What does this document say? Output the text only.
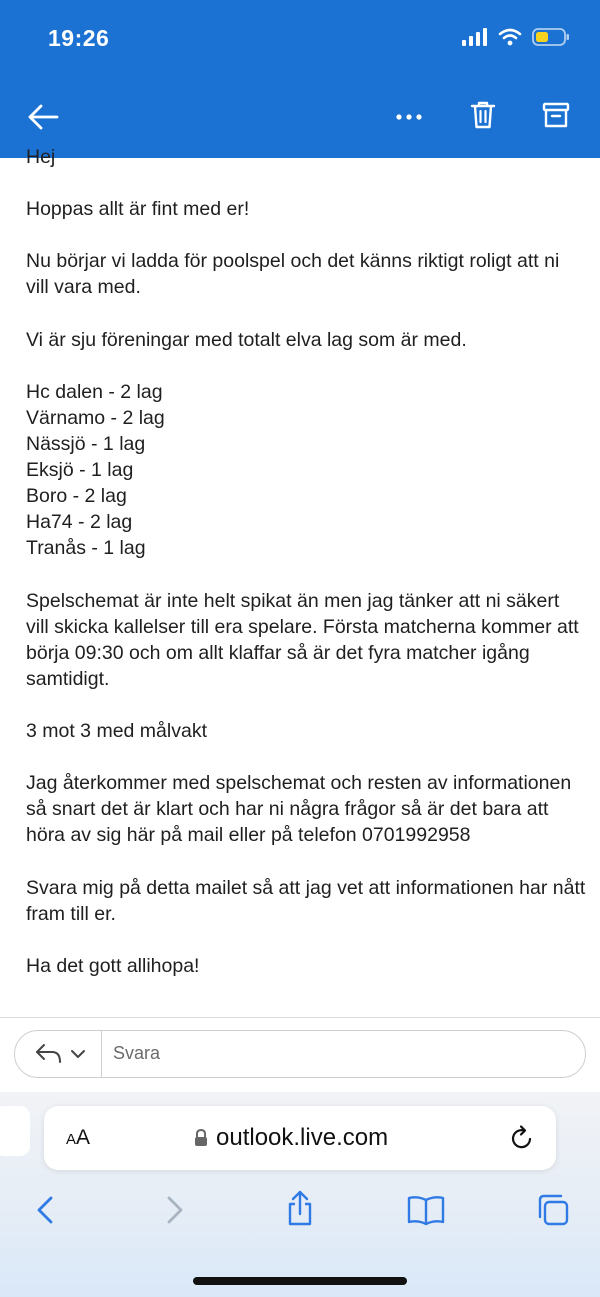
19:26

Hej

Hoppas allt är fint med er!

Nu börjar vi ladda för poolspel och det känns riktigt roligt att ni vill vara med.

Vi är sju föreningar med totalt elva lag som är med.

Hc dalen - 2 lag
Värnamo - 2 lag
Nässjö - 1 lag
Eksjö - 1 lag
Boro - 2 lag
Ha74 - 2 lag
Tranås - 1 lag

Spelschemat är inte helt spikat än men jag tänker att ni säkert vill skicka kallelser till era spelare. Första matcherna kommer att börja 09:30 och om allt klaffar så är det fyra matcher igång samtidigt.

3 mot 3 med målvakt

Jag återkommer med spelschemat och resten av informationen så snart det är klart och har ni några frågor så är det bara att höra av sig här på mail eller på telefon 0701992958

Svara mig på detta mailet så att jag vet att informationen har nått fram till er.

Ha det gott allihopa!

Svara
AA	outlook.live.com
